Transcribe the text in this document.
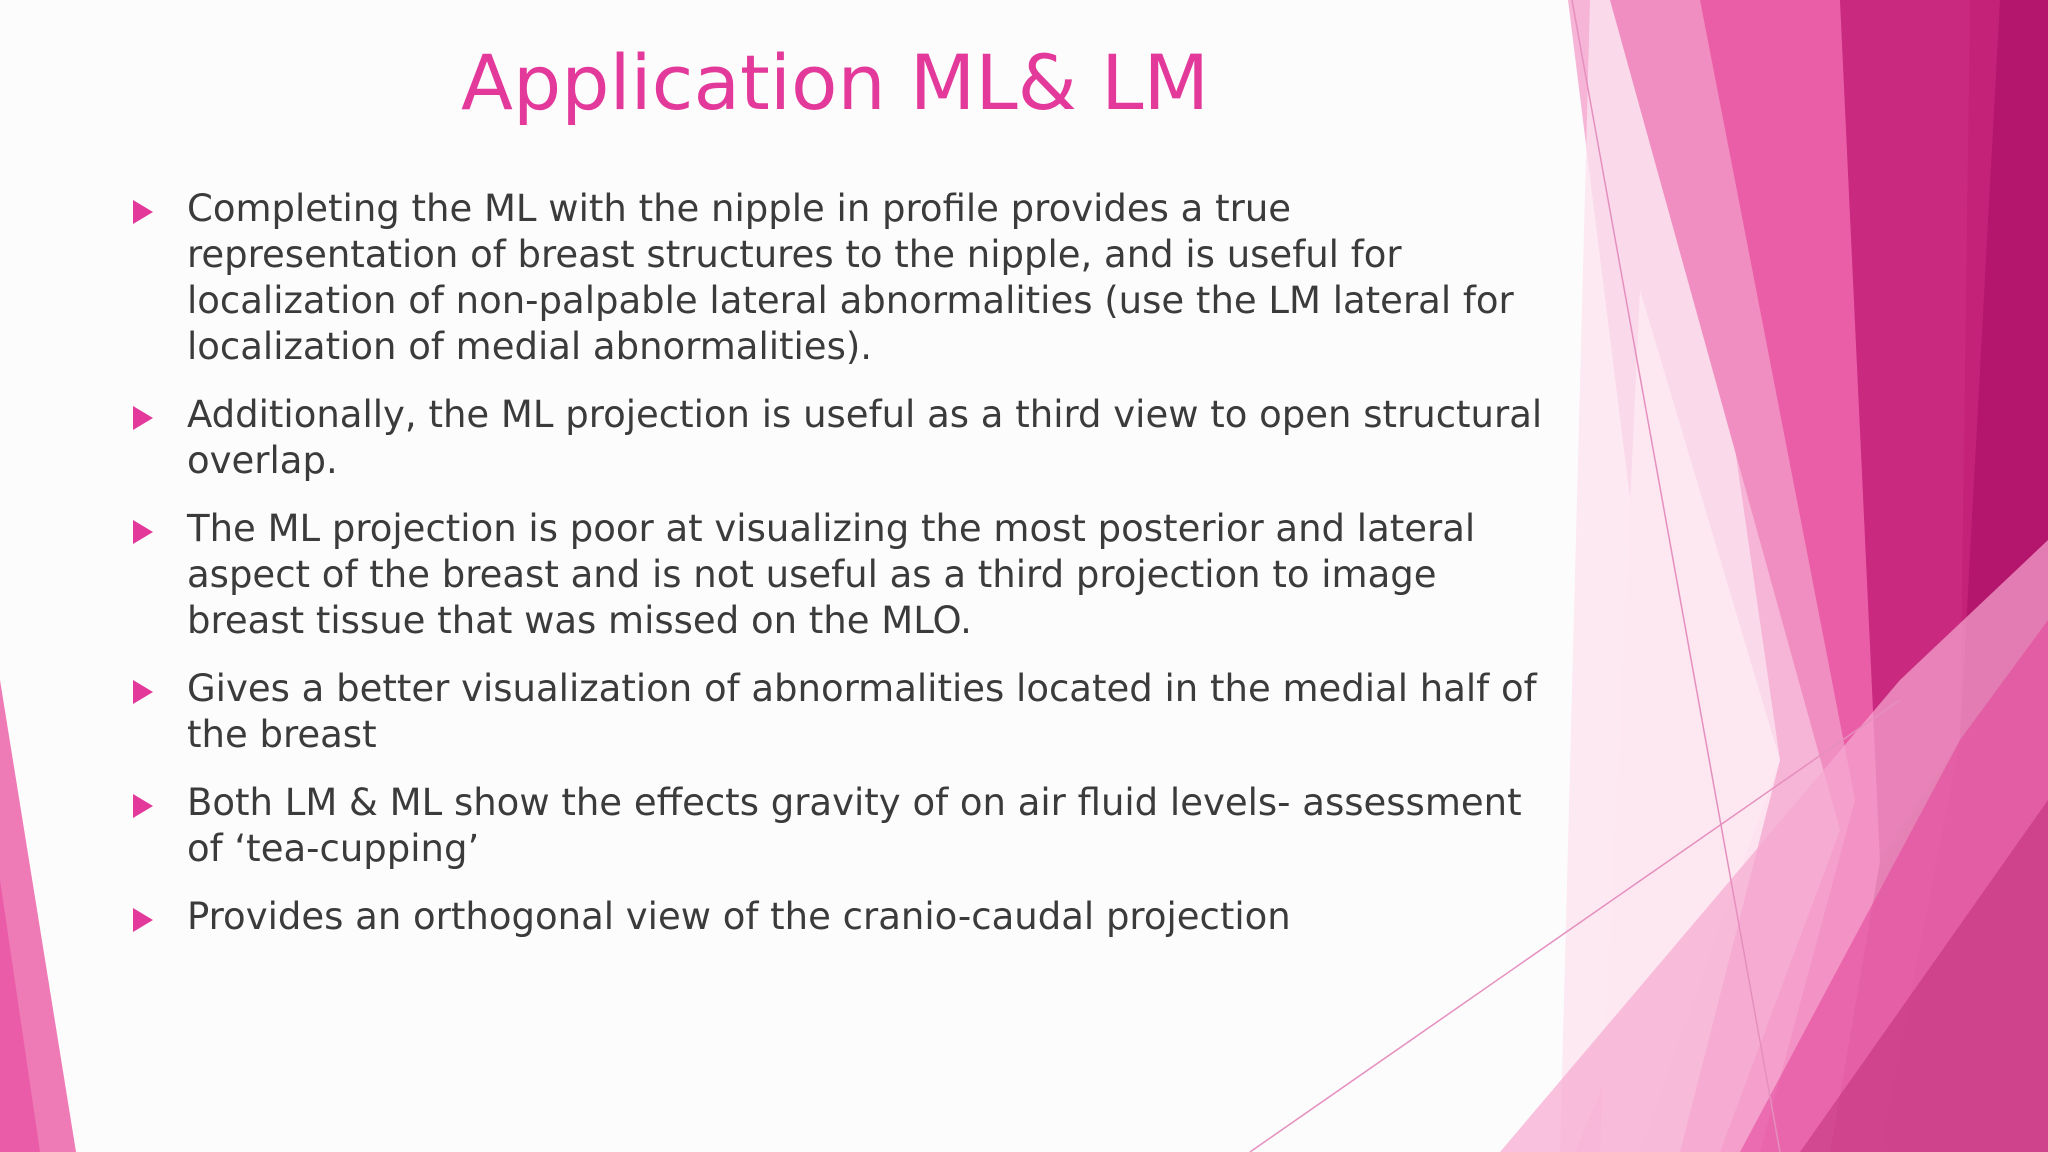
Application ML& LM
Completing the ML with the nipple in profile provides a true representation of breast structures to the nipple, and is useful for localization of non-palpable lateral abnormalities (use the LM lateral for localization of medial abnormalities).
Additionally, the ML projection is useful as a third view to open structural overlap.
The ML projection is poor at visualizing the most posterior and lateral aspect of the breast and is not useful as a third projection to image breast tissue that was missed on the MLO.
Gives a better visualization of abnormalities located in the medial half of the breast
Both LM & ML show the effects gravity of on air fluid levels- assessment of ‘tea-cupping’
Provides an orthogonal view of the cranio-caudal projection
